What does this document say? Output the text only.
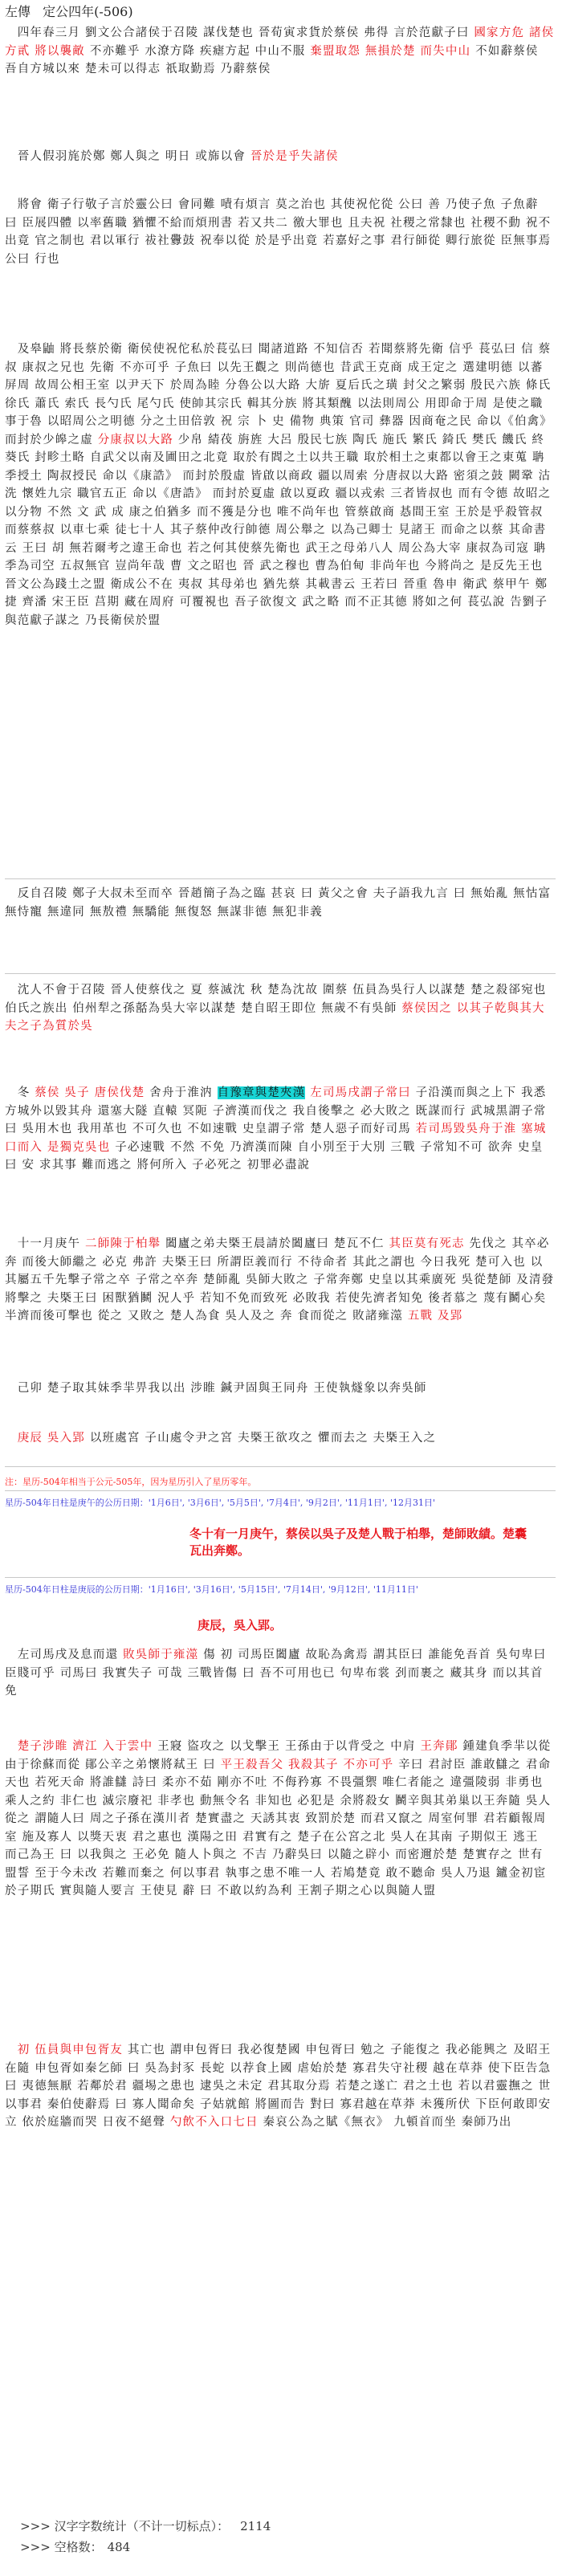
左傳 定公四年(-506)
　四年春三月 劉文公合諸侯于召陵 謀伐楚也 晉荀寅求貨於蔡侯 弗得 言於范獻子曰 國家方危 諸侯方貳 將以襲敵 不亦難乎 水潦方降 疾瘧方起 中山不服 棄盟取怨 無損於楚 而失中山 不如辭蔡侯 吾自方城以來 楚未可以得志 祇取勤焉 乃辭蔡侯
　晉人假羽旄於鄭 鄭人與之 明日 或旆以會 晉於是乎失諸侯
　將會 衛子行敬子言於靈公曰 會同難 嘖有煩言 莫之治也 其使祝佗從 公曰 善 乃使子魚 子魚辭 曰 臣展四體 以率舊職 猶懼不給而煩刑書 若又共二 徼大罪也 且夫祝 社稷之常隸也 社稷不動 祝不出竟 官之制也 君以軍行 祓社釁鼓 祝奉以從 於是乎出竟 若嘉好之事 君行師從 卿行旅從 臣無事焉 公曰 行也
　及皋鼬 將長蔡於衛 衛侯使祝佗私於萇弘曰 聞諸道路 不知信否 若聞蔡將先衛 信乎 萇弘曰 信 蔡叔 康叔之兄也 先衛 不亦可乎 子魚曰 以先王觀之 則尚德也 昔武王克商 成王定之 選建明德 以蕃屏周 故周公相王室 以尹天下 於周為睦 分魯公以大路 大旂 夏后氏之璜 封父之繁弱 殷民六族 條氏 徐氏 蕭氏 索氏 長勺氏 尾勺氏 使帥其宗氏 輯其分族 將其類醜 以法則周公 用即命于周 是使之職事于魯 以昭周公之明德 分之土田倍敦 祝 宗 卜 史 備物 典策 官司 彝器 因商奄之民 命以《伯禽》 而封於少皞之虛 分康叔以大路 少帛 綪茷 旃旌 大呂 殷民七族 陶氏 施氏 繁氏 錡氏 樊氏 饑氏 終葵氏 封畛土略 自武父以南及圃田之北竟 取於有閻之土以共王職 取於相土之東都以會王之東蒐 聃季授土 陶叔授民 命以《康誥》 而封於殷虛 皆啟以商政 疆以周索 分唐叔以大路 密須之鼓 闕鞏 沽洗 懷姓九宗 職官五正 命以《唐誥》 而封於夏虛 啟以夏政 疆以戎索 三者皆叔也 而有令德 故昭之以分物 不然 文 武 成 康之伯猶多 而不獲是分也 唯不尚年也 管蔡啟商 惎間王室 王於是乎殺管叔而蔡蔡叔 以車七乘 徒七十人 其子蔡仲改行帥德 周公舉之 以為己卿士 見諸王 而命之以蔡 其命書云 王曰 胡 無若爾考之違王命也 若之何其使蔡先衛也 武王之母弟八人 周公為大宰 康叔為司寇 聃季為司空 五叔無官 豈尚年哉 曹 文之昭也 晉 武之穆也 曹為伯甸 非尚年也 今將尚之 是反先王也 晉文公為踐土之盟 衛成公不在 夷叔 其母弟也 猶先蔡 其載書云 王若曰 晉重 魯申 衛武 蔡甲午 鄭捷 齊潘 宋王臣 莒期 藏在周府 可覆視也 吾子欲復文 武之略 而不正其德 將如之何 萇弘說 告劉子 與范獻子謀之 乃長衛侯於盟
　反自召陵 鄭子大叔未至而卒 晉趙簡子為之臨 甚哀 曰 黃父之會 夫子語我九言 曰 無始亂 無怙富 無恃寵 無違同 無敖禮 無驕能 無復怒 無謀非德 無犯非義
　沈人不會于召陵 晉人使蔡伐之 夏 蔡滅沈 秋 楚為沈故 圍蔡 伍員為吳行人以謀楚 楚之殺郤宛也 伯氏之族出 伯州犁之孫嚭為吳大宰以謀楚 楚自昭王即位 無歲不有吳師 蔡侯因之 以其子乾與其大夫之子為質於吳
　冬 蔡侯 吳子 唐侯伐楚 舍舟于淮汭 自豫章與楚夾漢 左司馬戌謂子常曰 子沿漢而與之上下 我悉方城外以毀其舟 還塞大隧 直轅 冥阨 子濟漢而伐之 我自後擊之 必大敗之 既謀而行 武城黑謂子常曰 吳用木也 我用革也 不可久也 不如速戰 史皇謂子常 楚人惡子而好司馬 若司馬毀吳舟于淮 塞城口而入 是獨克吳也 子必速戰 不然 不免 乃濟漢而陳 自小別至于大別 三戰 子常知不可 欲奔 史皇曰 安 求其事 難而逃之 將何所入 子必死之 初罪必盡說
　十一月庚午 二師陳于柏舉 闔廬之弟夫槩王晨請於闔廬曰 楚瓦不仁 其臣莫有死志 先伐之 其卒必奔 而後大師繼之 必克 弗許 夫槩王曰 所謂臣義而行 不待命者 其此之謂也 今日我死 楚可入也 以其屬五千先擊子常之卒 子常之卒奔 楚師亂 吳師大敗之 子常奔鄭 史皇以其乘廣死 吳從楚師 及清發 將擊之 夫槩王曰 困獸猶鬭 況人乎 若知不免而致死 必敗我 若使先濟者知免 後者慕之 蔑有鬭心矣 半濟而後可擊也 從之 又敗之 楚人為食 吳人及之 奔 食而從之 敗諸雍澨 五戰 及郢
　己卯 楚子取其妹季羋畀我以出 涉睢 鍼尹固與王同舟 王使執燧象以奔吳師
　庚辰 吳入郢 以班處宮 子山處令尹之宮 夫槩王欲攻之 懼而去之 夫槩王入之
注：星历-504年相当于公元-505年，因为星历引入了星历零年。
星历-504年日柱是庚午的公历日期：'1月6日', '3月6日', '5月5日', '7月4日', '9月2日', '11月1日', '12月31日'
冬十有一月庚午，蔡侯以吳子及楚人戰于柏舉，楚師敗績。楚囊瓦出奔鄭。
星历-504年日柱是庚辰的公历日期：'1月16日', '3月16日', '5月15日', '7月14日', '9月12日', '11月11日'
庚辰，吳入郢。
　左司馬戌及息而還 敗吳師于雍澨 傷 初 司馬臣闔廬 故恥為禽焉 謂其臣曰 誰能免吾首 吳句卑曰 臣賤可乎 司馬曰 我實失子 可哉 三戰皆傷 曰 吾不可用也已 句卑布裳 刭而裹之 藏其身 而以其首免
　楚子涉睢 濟江 入于雲中 王寢 盜攻之 以戈擊王 王孫由于以背受之 中肩 王奔鄖 鍾建負季羋以從 由于徐蘇而從 鄖公辛之弟懷將弒王 曰 平王殺吾父 我殺其子 不亦可乎 辛曰 君討臣 誰敢讎之 君命 天也 若死天命 將誰讎 詩曰 柔亦不茹 剛亦不吐 不侮矜寡 不畏彊禦 唯仁者能之 違彊陵弱 非勇也 乘人之約 非仁也 滅宗廢祀 非孝也 動無令名 非知也 必犯是 余將殺女 鬭辛與其弟巢以王奔隨 吳人從之 謂隨人曰 周之子孫在漢川者 楚實盡之 天誘其衷 致罰於楚 而君又竄之 周室何罪 君若顧報周室 施及寡人 以獎天衷 君之惠也 漢陽之田 君實有之 楚子在公宮之北 吳人在其南 子期似王 逃王 而己為王 曰 以我與之 王必免 隨人卜與之 不吉 乃辭吳曰 以隨之辟小 而密邇於楚 楚實存之 世有盟誓 至于今未改 若難而棄之 何以事君 執事之患不唯一人 若鳩楚竟 敢不聽命 吳人乃退 鑪金初宦於子期氏 實與隨人要言 王使見 辭 曰 不敢以約為利 王割子期之心以與隨人盟
　初 伍員與申包胥友 其亡也 謂申包胥曰 我必復楚國 申包胥曰 勉之 子能復之 我必能興之 及昭王在隨 申包胥如秦乞師 曰 吳為封豕 長蛇 以荐食上國 虐始於楚 寡君失守社稷 越在草莽 使下臣告急 曰 夷德無厭 若鄰於君 疆埸之患也 逮吳之未定 君其取分焉 若楚之遂亡 君之土也 若以君靈撫之 世以事君 秦伯使辭焉 曰 寡人聞命矣 子姑就館 將圖而告 對曰 寡君越在草莽 未獲所伏 下臣何敢即安 立 依於庭牆而哭 日夜不絕聲 勺飲不入口七日 秦哀公為之賦《無衣》 九頓首而坐 秦師乃出

>>> 汉字字数统计（不计一切标点）： 2114

>>> 空格数： 484
